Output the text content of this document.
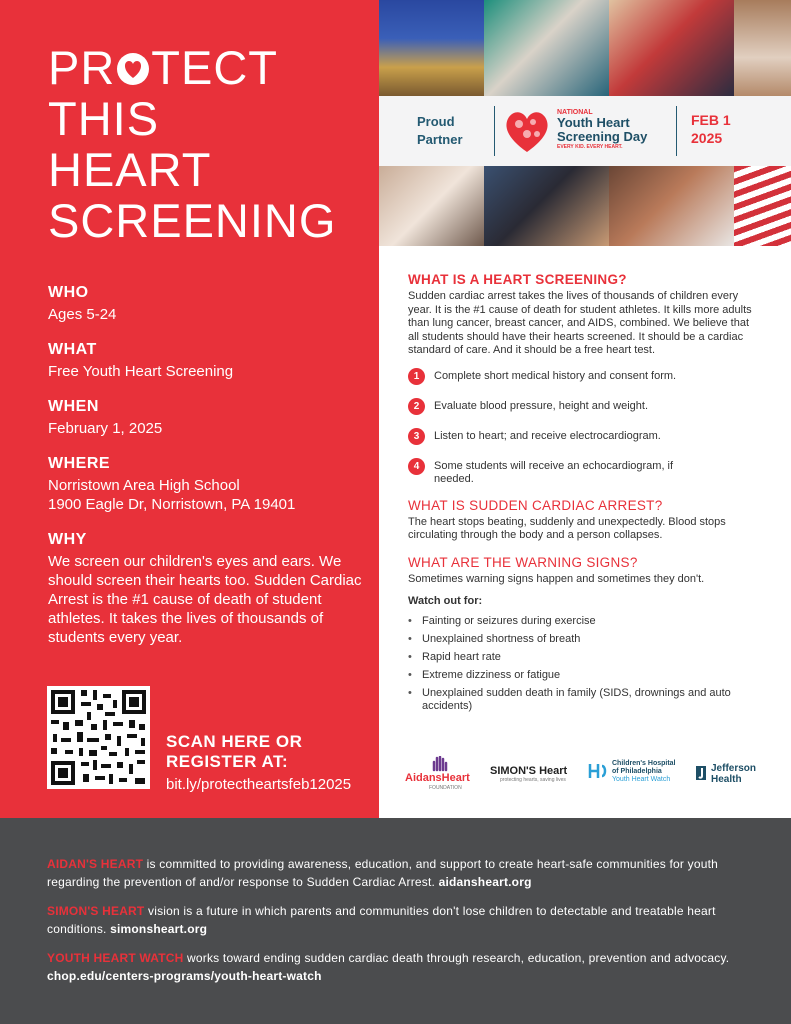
PR TECT
THIS
HEART
SCREENING
WHO

Ages 5-24

WHAT

Free Youth Heart Screening

WHEN

February 1, 2025

WHERE

Norristown Area High School

1900 Eagle Dr, Norristown, PA 19401

WHY

We screen our children's eyes and ears. We should screen their hearts too. Sudden Cardiac Arrest is the #1 cause of death of student athletes. It takes the lives of thousands of students every year.

SCAN HERE OR
REGISTER AT:

bit.ly/protectheartsfeb12025

Proud
Partner
NATIONAL
Youth Heart
Screening Day
EVERY KID. EVERY HEART.
FEB 1
2025
WHAT IS A HEART SCREENING?

Sudden cardiac arrest takes the lives of thousands of children every year. It is the #1 cause of death for student athletes. It kills more adults than lung cancer, breast cancer, and AIDS, combined. We believe that all students should have their hearts screened. It should be a cardiac standard of care. And it should be a free heart test.

1	Complete short medical history and consent form.
2	Evaluate blood pressure, height and weight.
3	Listen to heart; and receive electrocardiogram.
4	Some students will receive an echocardiogram, if needed.
WHAT IS SUDDEN CARDIAC ARREST?

The heart stops beating, suddenly and unexpectedly. Blood stops circulating through the body and a person collapses.

WHAT ARE THE WARNING SIGNS?

Sometimes warning signs happen and sometimes they don't.

Watch out for:

• Fainting or seizures during exercise
• Unexplained shortness of breath
• Rapid heart rate
• Extreme dizziness or fatigue
• Unexplained sudden death in family (SIDS, drownings and auto accidents)
AidansHeart
FOUNDATION
SIMON'S Heart
protecting hearts, saving lives
Children's Hospital
of Philadelphia
Youth Heart Watch
Jefferson
Health

AIDAN'S HEART is committed to providing awareness, education, and support to create heart-safe communities for youth regarding the prevention of and/or response to Sudden Cardiac Arrest. aidansheart.org

SIMON'S HEART vision is a future in which parents and communities don't lose children to detectable and treatable heart conditions. simonsheart.org

YOUTH HEART WATCH works toward ending sudden cardiac death through research, education, prevention and advocacy. chop.edu/centers-programs/youth-heart-watch
